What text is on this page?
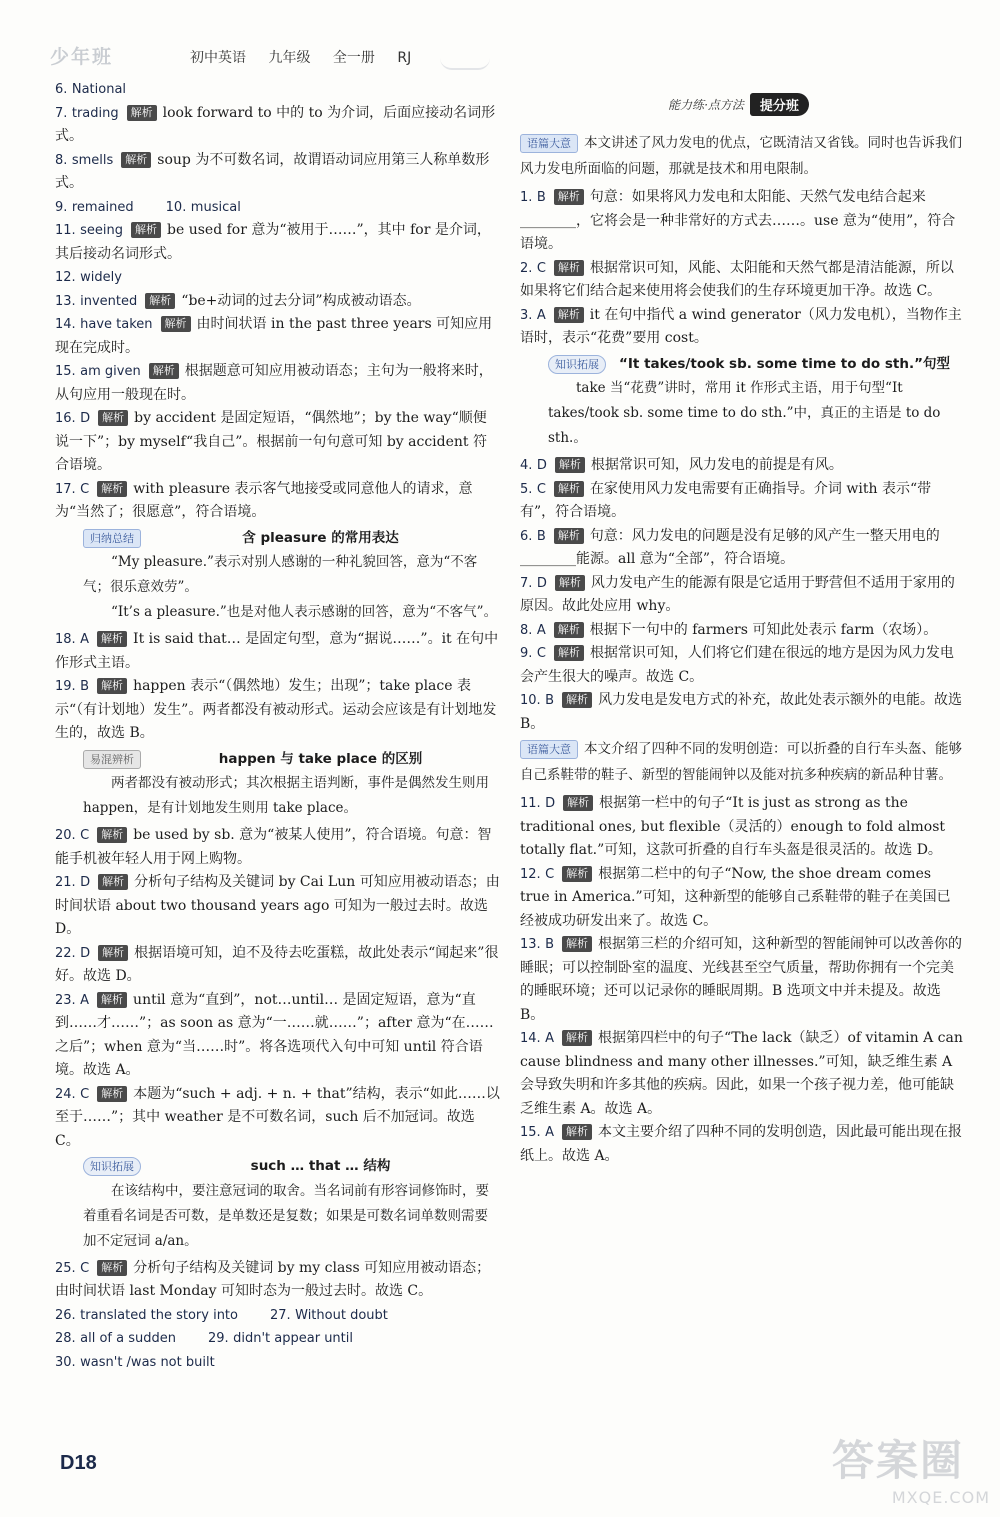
少年班	初中英语 九年级 全一册 RJ
能力练·点方法	提分班
6. National
7. trading 解析 look forward to 中的 to 为介词，后面应接动名词形式。
8. smells 解析 soup 为不可数名词，故谓语动词应用第三人称单数形式。
9. remained 10. musical
11. seeing 解析 be used for 意为“被用于……”，其中 for 是介词，其后接动名词形式。
12. widely
13. invented 解析 “be+动词的过去分词”构成被动语态。
14. have taken 解析 由时间状语 in the past three years 可知应用现在完成时。
15. am given 解析 根据题意可知应用被动语态；主句为一般将来时，从句应用一般现在时。
16. D 解析 by accident 是固定短语，“偶然地”；by the way“顺便说一下”；by myself“我自己”。根据前一句句意可知 by accident 符合语境。
17. C 解析 with pleasure 表示客气地接受或同意他人的请求，意为“当然了；很愿意”，符合语境。
归纳总结	含 pleasure 的常用表达
“My pleasure.”表示对别人感谢的一种礼貌回答，意为“不客气；很乐意效劳”。
“It’s a pleasure.”也是对他人表示感谢的回答，意为“不客气”。
18. A 解析 It is said that… 是固定句型，意为“据说……”。it 在句中作形式主语。
19. B 解析 happen 表示“（偶然地）发生；出现”；take place 表示“（有计划地）发生”。两者都没有被动形式。运动会应该是有计划地发生的，故选 B。
易混辨析	happen 与 take place 的区别
两者都没有被动形式；其次根据主语判断，事件是偶然发生则用 happen，是有计划地发生则用 take place。
20. C 解析 be used by sb. 意为“被某人使用”，符合语境。句意：智能手机被年轻人用于网上购物。
21. D 解析 分析句子结构及关键词 by Cai Lun 可知应用被动语态；由时间状语 about two thousand years ago 可知为一般过去时。故选 D。
22. D 解析 根据语境可知，迫不及待去吃蛋糕，故此处表示“闻起来”很好。故选 D。
23. A 解析 until 意为“直到”，not…until… 是固定短语，意为“直到……才……”；as soon as 意为“一……就……”；after 意为“在……之后”；when 意为“当……时”。将各选项代入句中可知 until 符合语境。故选 A。
24. C 解析 本题为“such + adj. + n. + that”结构，表示“如此……以至于……”；其中 weather 是不可数名词，such 后不加冠词。故选 C。
知识拓展	such … that … 结构
在该结构中，要注意冠词的取舍。当名词前有形容词修饰时，要着重看名词是否可数，是单数还是复数；如果是可数名词单数则需要加不定冠词 a/an。
25. C 解析 分析句子结构及关键词 by my class 可知应用被动语态；由时间状语 last Monday 可知时态为一般过去时。故选 C。
26. translated the story into 27. Without doubt
28. all of a sudden 29. didn't appear until
30. wasn't /was not built
语篇大意 本文讲述了风力发电的优点，它既清洁又省钱。同时也告诉我们风力发电所面临的问题，那就是技术和用电限制。
1. B 解析 句意：如果将风力发电和太阳能、天然气发电结合起来________，它将会是一种非常好的方式去……。use 意为“使用”，符合语境。
2. C 解析 根据常识可知，风能、太阳能和天然气都是清洁能源，所以如果将它们结合起来使用将会使我们的生存环境更加干净。故选 C。
3. A 解析 it 在句中指代 a wind generator（风力发电机），当物作主语时，表示“花费”要用 cost。
知识拓展	“It takes/took sb. some time to do sth.”句型
take 当“花费”讲时，常用 it 作形式主语，用于句型“It takes/took sb. some time to do sth.”中，真正的主语是 to do sth.。
4. D 解析 根据常识可知，风力发电的前提是有风。
5. C 解析 在家使用风力发电需要有正确指导。介词 with 表示“带有”，符合语境。
6. B 解析 句意：风力发电的问题是没有足够的风产生一整天用电的________能源。all 意为“全部”，符合语境。
7. D 解析 风力发电产生的能源有限是它适用于野营但不适用于家用的原因。故此处应用 why。
8. A 解析 根据下一句中的 farmers 可知此处表示 farm（农场）。
9. C 解析 根据常识可知，人们将它们建在很远的地方是因为风力发电会产生很大的噪声。故选 C。
10. B 解析 风力发电是发电方式的补充，故此处表示额外的电能。故选 B。
语篇大意 本文介绍了四种不同的发明创造：可以折叠的自行车头盔、能够自己系鞋带的鞋子、新型的智能闹钟以及能对抗多种疾病的新品种甘薯。
11. D 解析 根据第一栏中的句子“It is just as strong as the traditional ones, but flexible（灵活的）enough to fold almost totally flat.”可知，这款可折叠的自行车头盔是很灵活的。故选 D。
12. C 解析 根据第二栏中的句子“Now, the shoe dream comes true in America.”可知，这种新型的能够自己系鞋带的鞋子在美国已经被成功研发出来了。故选 C。
13. B 解析 根据第三栏的介绍可知，这种新型的智能闹钟可以改善你的睡眠；可以控制卧室的温度、光线甚至空气质量，帮助你拥有一个完美的睡眠环境；还可以记录你的睡眠周期。B 选项文中并未提及。故选 B。
14. A 解析 根据第四栏中的句子“The lack（缺乏）of vitamin A can cause blindness and many other illnesses.”可知，缺乏维生素 A 会导致失明和许多其他的疾病。因此，如果一个孩子视力差，他可能缺乏维生素 A。故选 A。
15. A 解析 本文主要介绍了四种不同的发明创造，因此最可能出现在报纸上。故选 A。
D18	答案圈
MXQE.COM
